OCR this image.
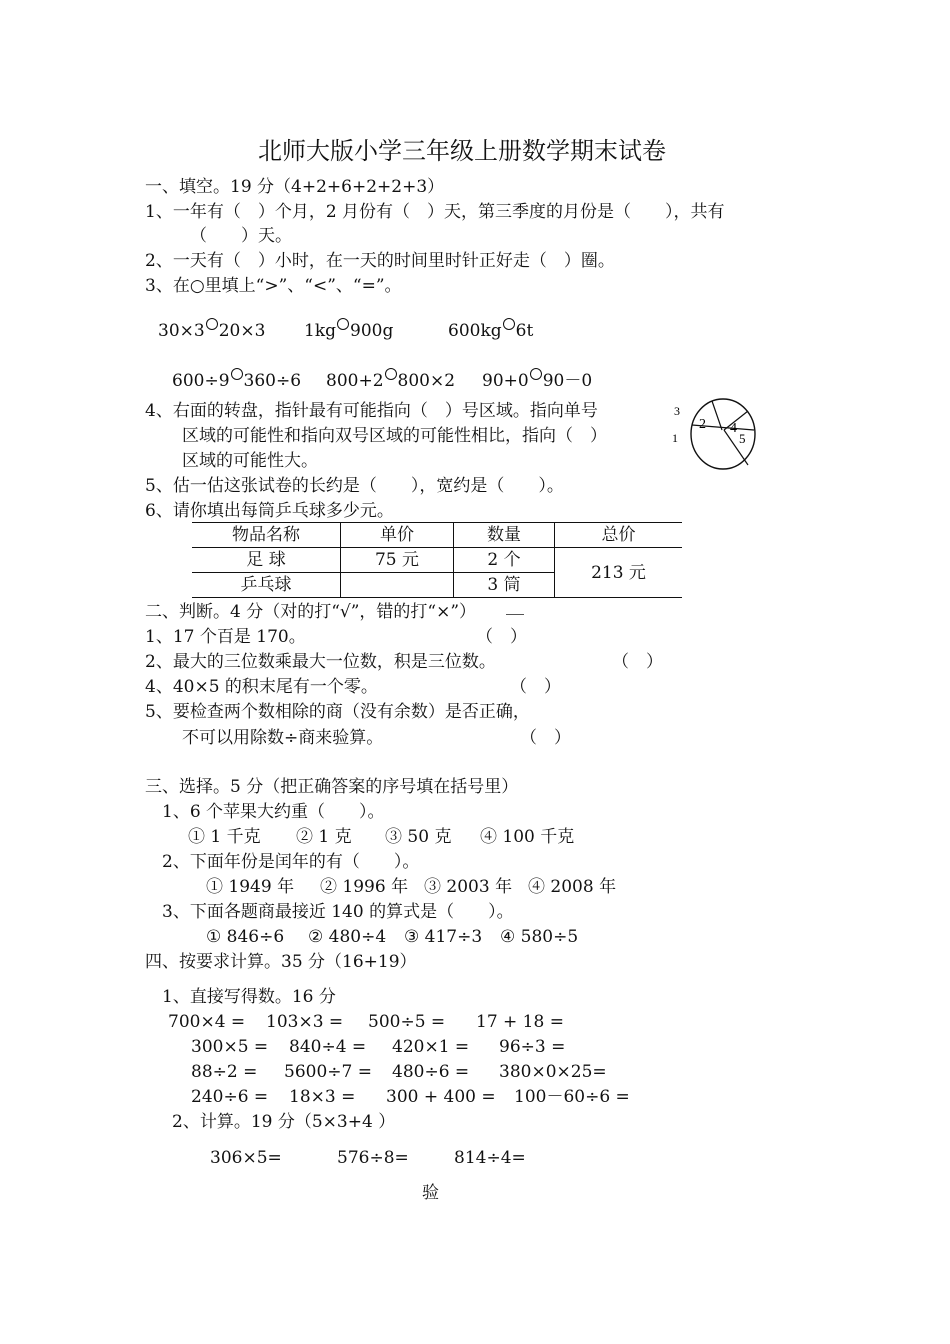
北师大版小学三年级上册数学期末试卷
一、填空。19 分（4+2+6+2+2+3）
1、一年有（　）个月，2 月份有（　）天，第三季度的月份是（　　），共有
（　　）天。
2、一天有（　）小时，在一天的时间里时针正好走（　）圈。
3、在○里填上“>”、“<”、“=”。
30×3 20×3 1kg 900g	600kg 6t
600÷9 360÷6 800+2 800×2 90+0 90－0
4、右面的转盘，指针最有可能指向（　）号区域。指向单号
区域的可能性和指向双号区域的可能性相比，指向（　）
区域的可能性大。
3
1
2 4
5
5、估一估这张试卷的长约是（　　），宽约是（　　）。
6、请你填出每筒乒乓球多少元。
物品名称	单价	数量	总价
足 球	75 元	2 个	213 元
乒乓球		3 筒	
二、判断。4 分（对的打“√”，错的打“×”）
1、17 个百是 170。	（　）
2、最大的三位数乘最大一位数，积是三位数。	（　）
4、40×5 的积末尾有一个零。	（　）
5、要检查两个数相除的商（没有余数）是否正确，
不可以用除数÷商来验算。	（　）
三、选择。5 分（把正确答案的序号填在括号里）
1、6 个苹果大约重（　　）。
① 1 千克 ② 1 克 ③ 50 克 ④ 100 千克
2、下面年份是闰年的有（　　）。
① 1949 年 ② 1996 年 ③ 2003 年 ④ 2008 年
3、下面各题商最接近 140 的算式是（　　）。
① 846÷6 ② 480÷4 ③ 417÷3 ④ 580÷5
四、按要求计算。35 分（16+19）
1、直接写得数。16 分
700×4 = 103×3 = 500÷5 = 17 + 18 =
300×5 = 840÷4 = 420×1 = 96÷3 =
88÷2 = 5600÷7 = 480÷6 = 380×0×25=
240÷6 = 18×3 = 300 + 400 = 100－60÷6 =
2、计算。19 分（5×3+4 ）
306×5=	576÷8=	814÷4=
验
